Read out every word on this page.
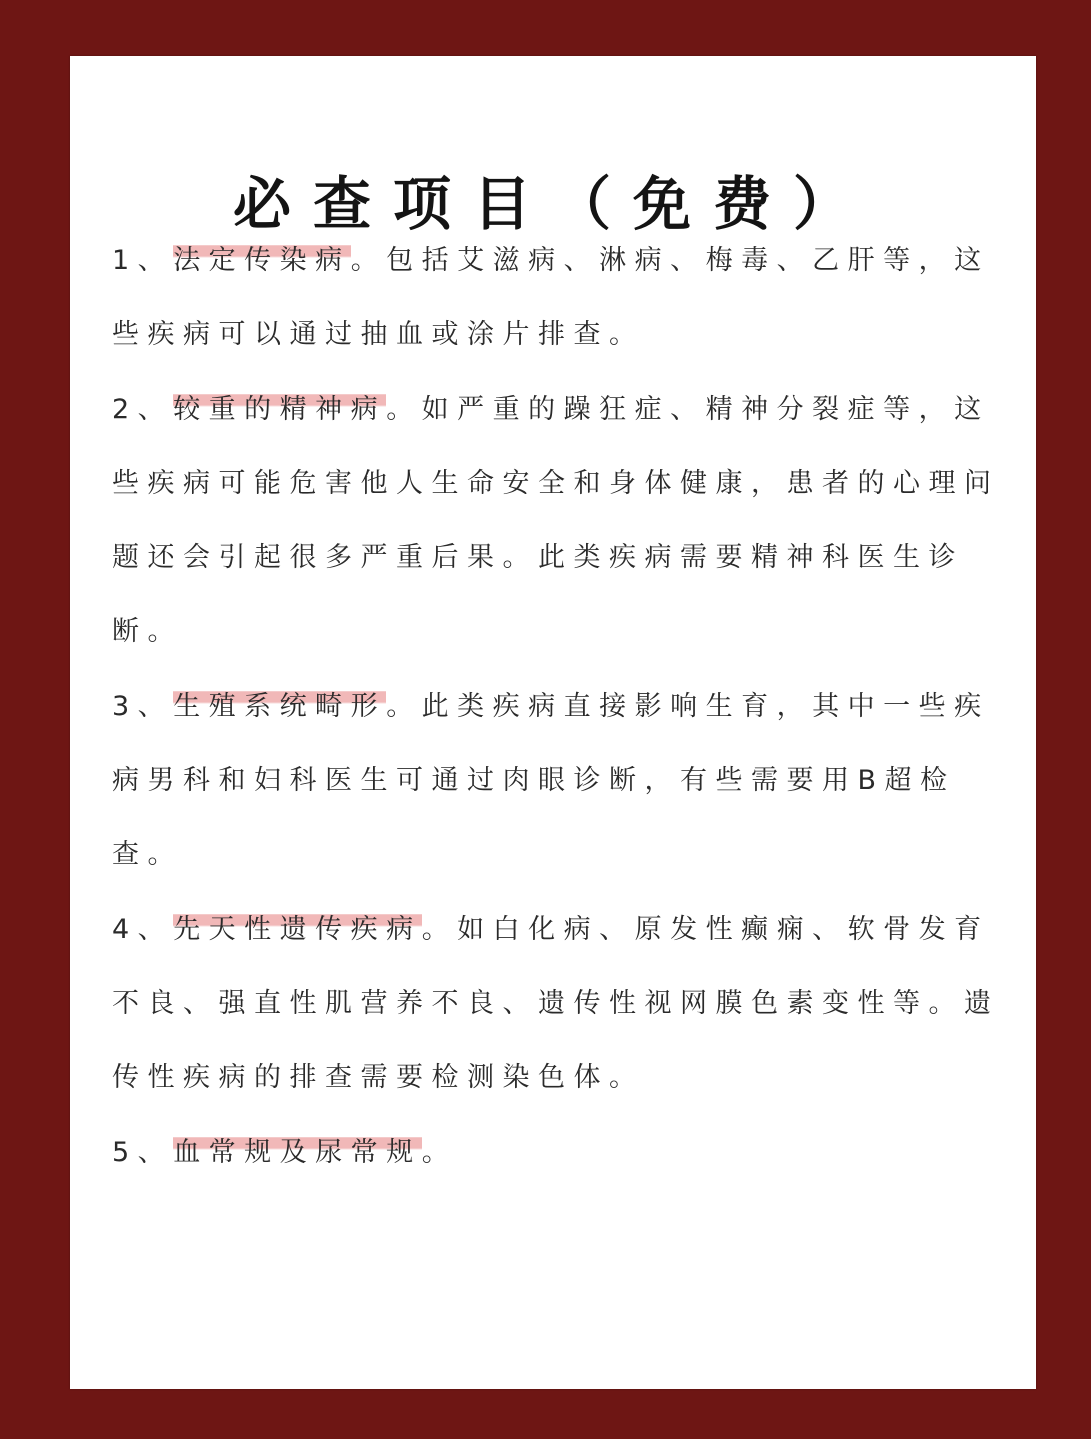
必查项目（免费）

1、法定传染病。包括艾滋病、淋病、梅毒、乙肝等，这些疾病可以通过抽血或涂片排查。

2、较重的精神病。如严重的躁狂症、精神分裂症等，这些疾病可能危害他人生命安全和身体健康，患者的心理问题还会引起很多严重后果。此类疾病需要精神科医生诊断。

3、生殖系统畸形。此类疾病直接影响生育，其中一些疾病男科和妇科医生可通过肉眼诊断，有些需要用B超检查。

4、先天性遗传疾病。如白化病、原发性癫痫、软骨发育不良、强直性肌营养不良、遗传性视网膜色素变性等。遗传性疾病的排查需要检测染色体。

5、血常规及尿常规。
